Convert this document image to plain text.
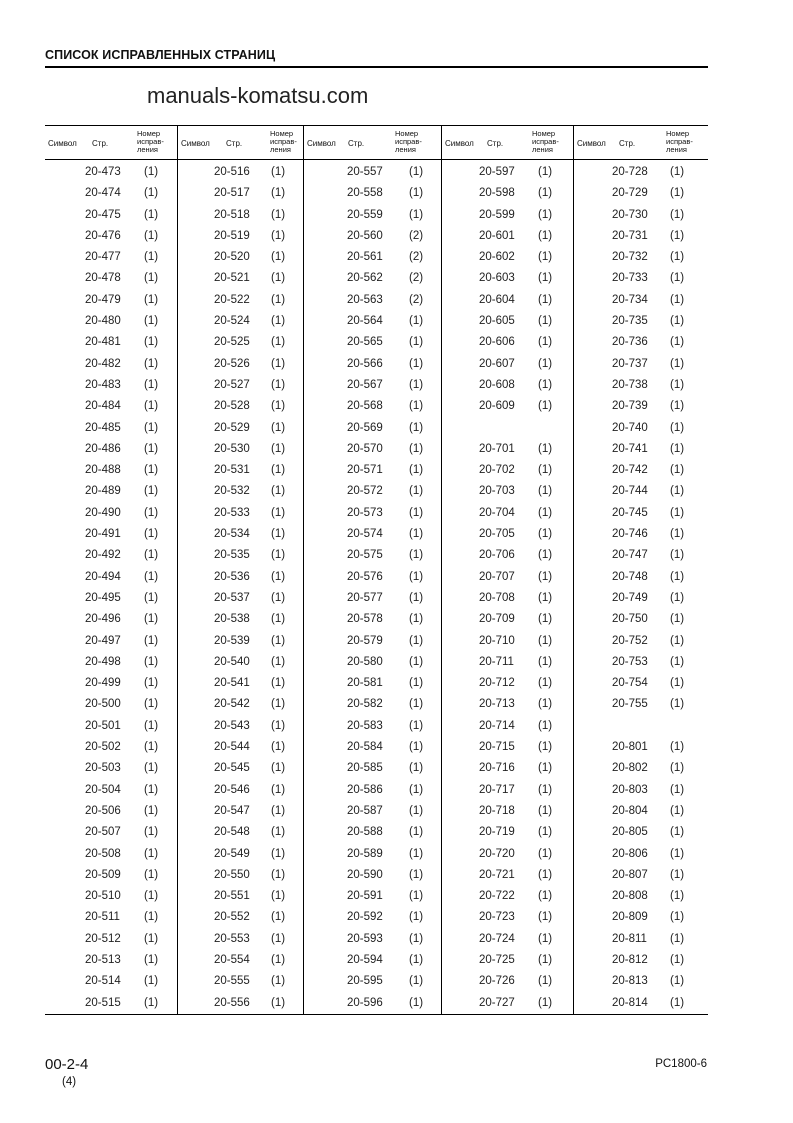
СПИСОК ИСПРАВЛЕННЫХ СТРАНИЦ
manuals-komatsu.com
Символ Стр.
Номер
исправ-
ления
20-473 (1)
20-474 (1)
20-475 (1)
20-476 (1)
20-477 (1)
20-478 (1)
20-479 (1)
20-480 (1)
20-481 (1)
20-482 (1)
20-483 (1)
20-484 (1)
20-485 (1)
20-486 (1)
20-488 (1)
20-489 (1)
20-490 (1)
20-491 (1)
20-492 (1)
20-494 (1)
20-495 (1)
20-496 (1)
20-497 (1)
20-498 (1)
20-499 (1)
20-500 (1)
20-501 (1)
20-502 (1)
20-503 (1)
20-504 (1)
20-506 (1)
20-507 (1)
20-508 (1)
20-509 (1)
20-510 (1)
20-511 (1)
20-512 (1)
20-513 (1)
20-514 (1)
20-515 (1)
Символ Стр.
Номер
исправ-
ления
20-516 (1)
20-517 (1)
20-518 (1)
20-519 (1)
20-520 (1)
20-521 (1)
20-522 (1)
20-524 (1)
20-525 (1)
20-526 (1)
20-527 (1)
20-528 (1)
20-529 (1)
20-530 (1)
20-531 (1)
20-532 (1)
20-533 (1)
20-534 (1)
20-535 (1)
20-536 (1)
20-537 (1)
20-538 (1)
20-539 (1)
20-540 (1)
20-541 (1)
20-542 (1)
20-543 (1)
20-544 (1)
20-545 (1)
20-546 (1)
20-547 (1)
20-548 (1)
20-549 (1)
20-550 (1)
20-551 (1)
20-552 (1)
20-553 (1)
20-554 (1)
20-555 (1)
20-556 (1)
Символ Стр.
Номер
исправ-
ления
20-557 (1)
20-558 (1)
20-559 (1)
20-560 (2)
20-561 (2)
20-562 (2)
20-563 (2)
20-564 (1)
20-565 (1)
20-566 (1)
20-567 (1)
20-568 (1)
20-569 (1)
20-570 (1)
20-571 (1)
20-572 (1)
20-573 (1)
20-574 (1)
20-575 (1)
20-576 (1)
20-577 (1)
20-578 (1)
20-579 (1)
20-580 (1)
20-581 (1)
20-582 (1)
20-583 (1)
20-584 (1)
20-585 (1)
20-586 (1)
20-587 (1)
20-588 (1)
20-589 (1)
20-590 (1)
20-591 (1)
20-592 (1)
20-593 (1)
20-594 (1)
20-595 (1)
20-596 (1)
Символ Стр.
Номер
исправ-
ления
20-597 (1)
20-598 (1)
20-599 (1)
20-601 (1)
20-602 (1)
20-603 (1)
20-604 (1)
20-605 (1)
20-606 (1)
20-607 (1)
20-608 (1)
20-609 (1)
20-701 (1)
20-702 (1)
20-703 (1)
20-704 (1)
20-705 (1)
20-706 (1)
20-707 (1)
20-708 (1)
20-709 (1)
20-710 (1)
20-711 (1)
20-712 (1)
20-713 (1)
20-714 (1)
20-715 (1)
20-716 (1)
20-717 (1)
20-718 (1)
20-719 (1)
20-720 (1)
20-721 (1)
20-722 (1)
20-723 (1)
20-724 (1)
20-725 (1)
20-726 (1)
20-727 (1)
Символ Стр.
Номер
исправ-
ления
20-728 (1)
20-729 (1)
20-730 (1)
20-731 (1)
20-732 (1)
20-733 (1)
20-734 (1)
20-735 (1)
20-736 (1)
20-737 (1)
20-738 (1)
20-739 (1)
20-740 (1)
20-741 (1)
20-742 (1)
20-744 (1)
20-745 (1)
20-746 (1)
20-747 (1)
20-748 (1)
20-749 (1)
20-750 (1)
20-752 (1)
20-753 (1)
20-754 (1)
20-755 (1)
20-801 (1)
20-802 (1)
20-803 (1)
20-804 (1)
20-805 (1)
20-806 (1)
20-807 (1)
20-808 (1)
20-809 (1)
20-811 (1)
20-812 (1)
20-813 (1)
20-814 (1)
00-2-4
(4)
PC1800-6
